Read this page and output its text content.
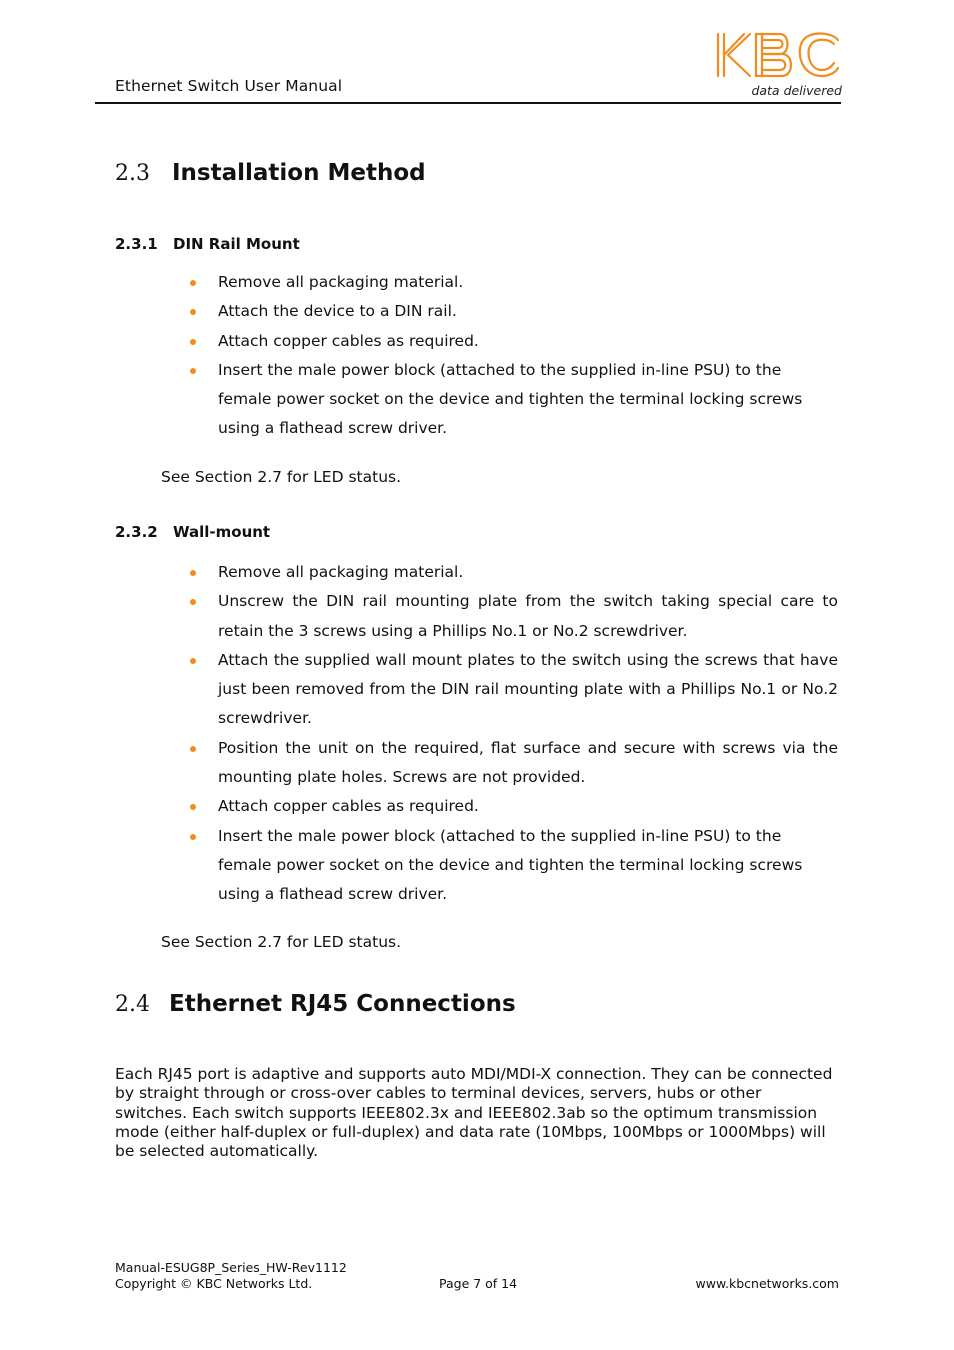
Ethernet Switch User Manual	data delivered
2.3 Installation Method
2.3.1	DIN Rail Mount
Remove all packaging material.
Attach the device to a DIN rail.
Attach copper cables as required.
Insert the male power block (attached to the supplied in-line PSU) to the female power socket on the device and tighten the terminal locking screws using a flathead screw driver.
See Section 2.7 for LED status.
2.3.2	Wall-mount
Remove all packaging material.
Unscrew the DIN rail mounting plate from the switch taking special care to retain the 3 screws using a Phillips No.1 or No.2 screwdriver.
Attach the supplied wall mount plates to the switch using the screws that have just been removed from the DIN rail mounting plate with a Phillips No.1 or No.2 screwdriver.
Position the unit on the required, flat surface and secure with screws via the mounting plate holes. Screws are not provided.
Attach copper cables as required.
Insert the male power block (attached to the supplied in-line PSU) to the female power socket on the device and tighten the terminal locking screws using a flathead screw driver.
See Section 2.7 for LED status.
2.4 Ethernet RJ45 Connections
Each RJ45 port is adaptive and supports auto MDI/MDI-X connection. They can be connected by straight through or cross-over cables to terminal devices, servers, hubs or other switches. Each switch supports IEEE802.3x and IEEE802.3ab so the optimum transmission mode (either half-duplex or full-duplex) and data rate (10Mbps, 100Mbps or 1000Mbps) will be selected automatically.
Manual-ESUG8P_Series_HW-Rev1112
Copyright © KBC Networks Ltd.	Page 7 of 14	www.kbcnetworks.com
